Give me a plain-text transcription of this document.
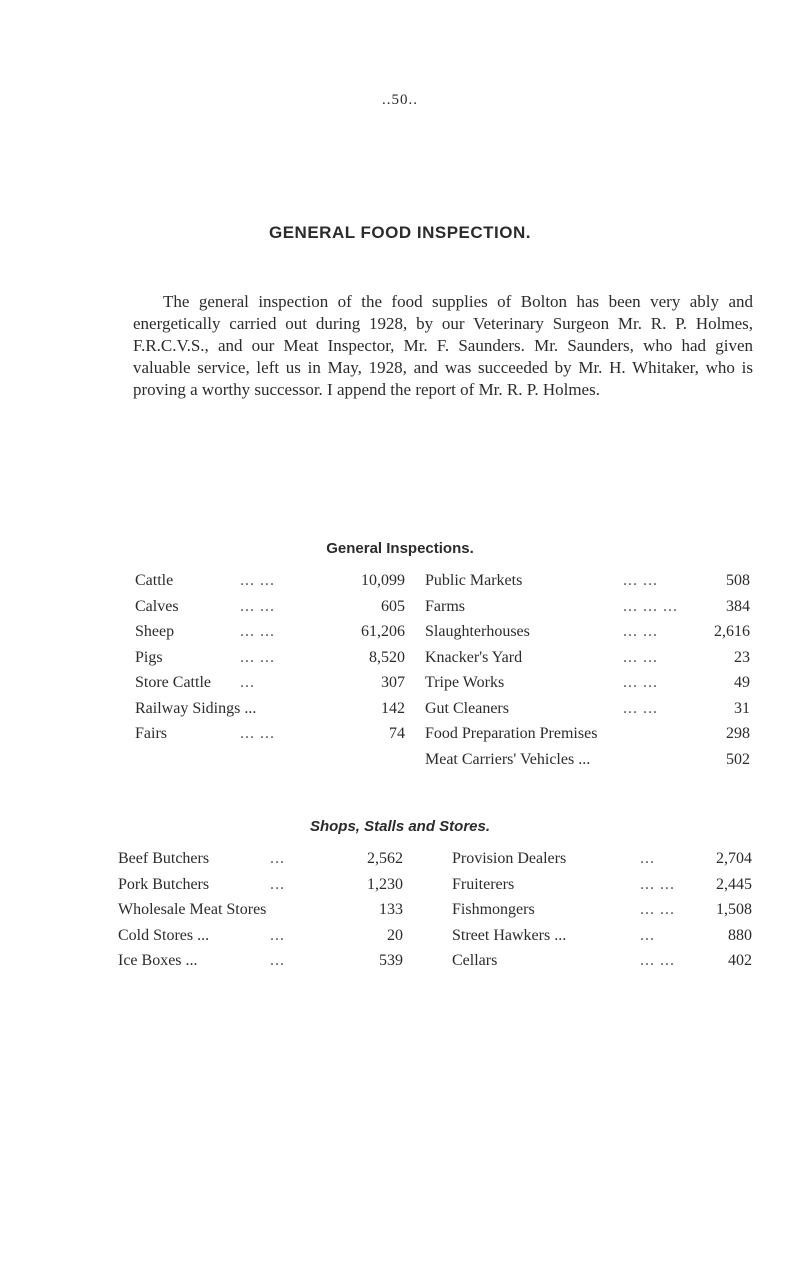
..50..
GENERAL FOOD INSPECTION.

The general inspection of the food supplies of Bolton has been very ably and energetically carried out during 1928, by our Veterinary Surgeon Mr. R. P. Holmes, F.R.C.V.S., and our Meat Inspector, Mr. F. Saunders. Mr. Saunders, who had given valuable service, left us in May, 1928, and was succeeded by Mr. H. Whitaker, who is proving a worthy successor. I append the report of Mr. R. P. Holmes.

General Inspections.
Cattle	... ...	10,099
Calves	... ...	605
Sheep	... ...	61,206
Pigs	... ...	8,520
Store Cattle ...	307
Railway Sidings ...	142
Fairs	... ...	74
Public Markets	... ...	508
Farms	... ... ...	384
Slaughterhouses	... ...	2,616
Knacker's Yard	... ...	23
Tripe Works	... ...	49
Gut Cleaners	... ...	31
Food Preparation Premises	298
Meat Carriers' Vehicles ...	502
Shops, Stalls and Stores.
Beef Butchers	...	2,562
Pork Butchers	...	1,230
Wholesale Meat Stores	133
Cold Stores ...	...	20
Ice Boxes ...	...	539
Provision Dealers	...	2,704
Fruiterers	... ...	2,445
Fishmongers	... ...	1,508
Street Hawkers ...	...	880
Cellars	... ...	402
